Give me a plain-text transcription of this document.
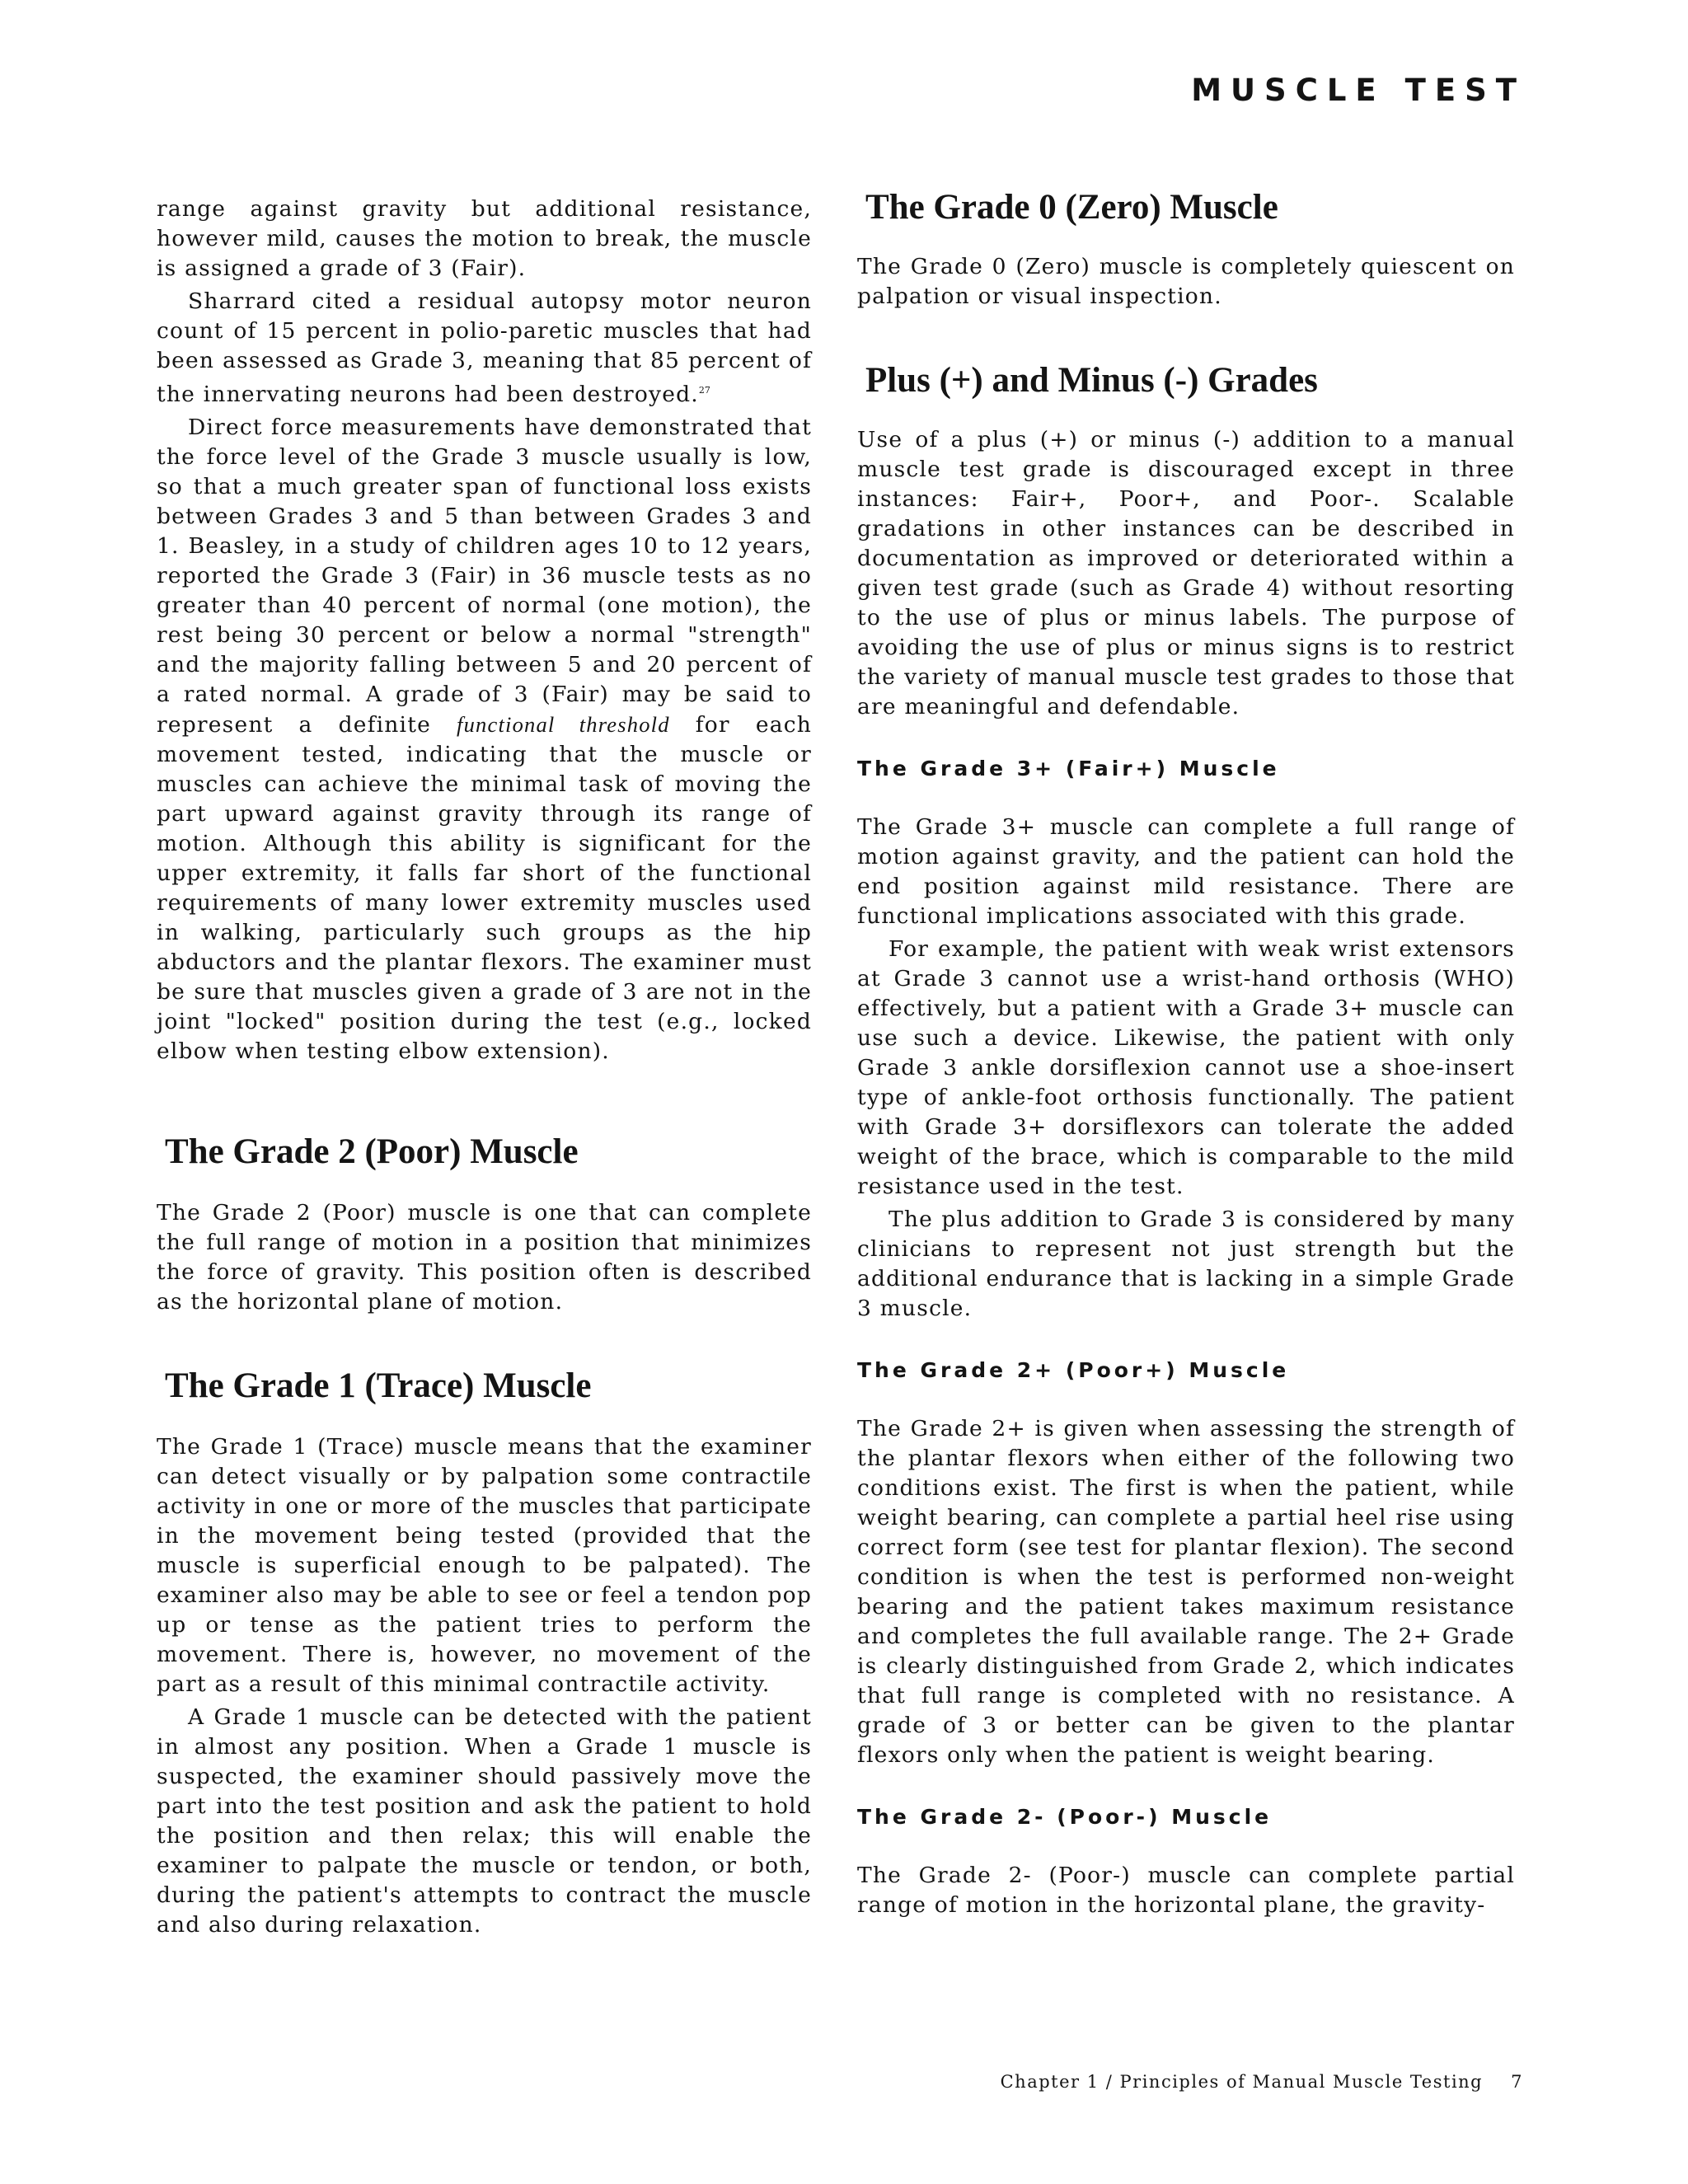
MUSCLE TEST

range against gravity but additional resistance, however mild, causes the motion to break, the muscle is assigned a grade of 3 (Fair).

Sharrard cited a residual autopsy motor neuron count of 15 percent in polio-paretic muscles that had been assessed as Grade 3, meaning that 85 percent of the innervating neurons had been destroyed.$^{27}$

Direct force measurements have demonstrated that the force level of the Grade 3 muscle usually is low, so that a much greater span of functional loss exists between Grades 3 and 5 than between Grades 3 and 1. Beasley, in a study of children ages 10 to 12 years, reported the Grade 3 (Fair) in 36 muscle tests as no greater than 40 percent of normal (one motion), the rest being 30 percent or below a normal "strength" and the majority falling between 5 and 20 percent of a rated normal. A grade of 3 (Fair) may be said to represent a definite functional threshold for each movement tested, indicating that the muscle or muscles can achieve the minimal task of moving the part upward against gravity through its range of motion. Although this ability is significant for the upper extremity, it falls far short of the functional requirements of many lower extremity muscles used in walking, particularly such groups as the hip abductors and the plantar flexors. The examiner must be sure that muscles given a grade of 3 are not in the joint "locked" position during the test (e.g., locked elbow when testing elbow extension).

The Grade 2 (Poor) Muscle

The Grade 2 (Poor) muscle is one that can complete the full range of motion in a position that minimizes the force of gravity. This position often is described as the horizontal plane of motion.

The Grade 1 (Trace) Muscle

The Grade 1 (Trace) muscle means that the examiner can detect visually or by palpation some contractile activity in one or more of the muscles that participate in the movement being tested (provided that the muscle is superficial enough to be palpated). The examiner also may be able to see or feel a tendon pop up or tense as the patient tries to perform the movement. There is, however, no movement of the part as a result of this minimal contractile activity.

A Grade 1 muscle can be detected with the patient in almost any position. When a Grade 1 muscle is suspected, the examiner should passively move the part into the test position and ask the patient to hold the position and then relax; this will enable the examiner to palpate the muscle or tendon, or both, during the patient's attempts to contract the muscle and also during relaxation.

The Grade 0 (Zero) Muscle

The Grade 0 (Zero) muscle is completely quiescent on palpation or visual inspection.

Plus (+) and Minus (-) Grades

Use of a plus (+) or minus (-) addition to a manual muscle test grade is discouraged except in three instances: Fair+, Poor+, and Poor-. Scalable gradations in other instances can be described in documentation as improved or deteriorated within a given test grade (such as Grade 4) without resorting to the use of plus or minus labels. The purpose of avoiding the use of plus or minus signs is to restrict the variety of manual muscle test grades to those that are meaningful and defendable.

The Grade 3+ (Fair+) Muscle

The Grade 3+ muscle can complete a full range of motion against gravity, and the patient can hold the end position against mild resistance. There are functional implications associated with this grade.

For example, the patient with weak wrist extensors at Grade 3 cannot use a wrist-hand orthosis (WHO) effectively, but a patient with a Grade 3+ muscle can use such a device. Likewise, the patient with only Grade 3 ankle dorsiflexion cannot use a shoe-insert type of ankle-foot orthosis functionally. The patient with Grade 3+ dorsiflexors can tolerate the added weight of the brace, which is comparable to the mild resistance used in the test.

The plus addition to Grade 3 is considered by many clinicians to represent not just strength but the additional endurance that is lacking in a simple Grade 3 muscle.

The Grade 2+ (Poor+) Muscle

The Grade 2+ is given when assessing the strength of the plantar flexors when either of the following two conditions exist. The first is when the patient, while weight bearing, can complete a partial heel rise using correct form (see test for plantar flexion). The second condition is when the test is performed non-weight bearing and the patient takes maximum resistance and completes the full available range. The 2+ Grade is clearly distinguished from Grade 2, which indicates that full range is completed with no resistance. A grade of 3 or better can be given to the plantar flexors only when the patient is weight bearing.

The Grade 2- (Poor-) Muscle

The Grade 2- (Poor-) muscle can complete partial range of motion in the horizontal plane, the gravity-

Chapter 1 / Principles of Manual Muscle Testing 7
